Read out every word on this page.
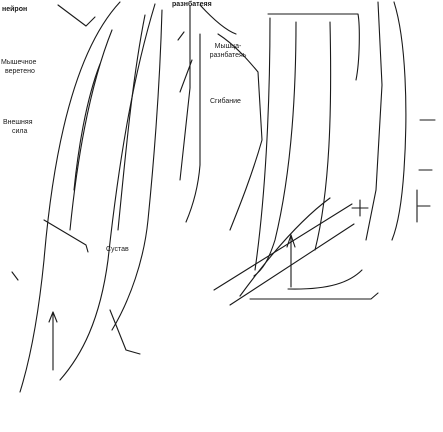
нейрон
разнбатеяя
Мышечное
веретено
Мышца-
разнбатеяь
Внешняя
сила
Сгибание
Сустав
